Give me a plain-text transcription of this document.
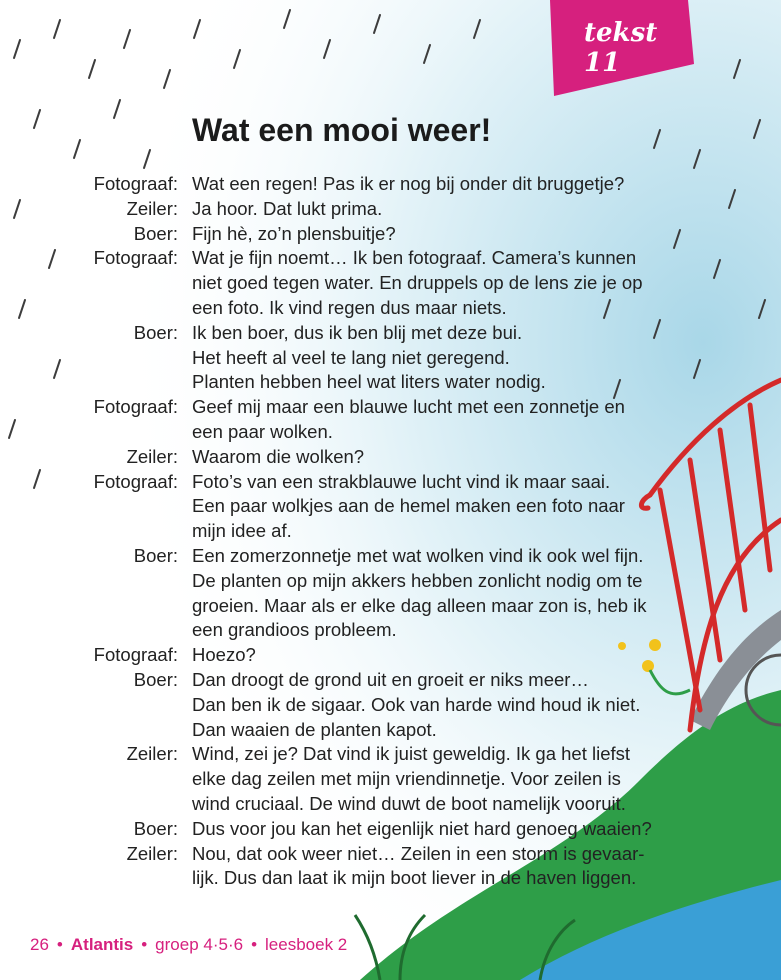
tekst 11
Wat een mooi weer!
Fotograaf: Wat een regen! Pas ik er nog bij onder dit bruggetje?
Zeiler: Ja hoor. Dat lukt prima.
Boer: Fijn hè, zo’n plensbuitje?
Fotograaf: Wat je fijn noemt… Ik ben fotograaf. Camera’s kunnen
niet goed tegen water. En druppels op de lens zie je op
een foto. Ik vind regen dus maar niets.
Boer: Ik ben boer, dus ik ben blij met deze bui.
Het heeft al veel te lang niet geregend.
Planten hebben heel wat liters water nodig.
Fotograaf: Geef mij maar een blauwe lucht met een zonnetje en
een paar wolken.
Zeiler: Waarom die wolken?
Fotograaf: Foto’s van een strakblauwe lucht vind ik maar saai.
Een paar wolkjes aan de hemel maken een foto naar
mijn idee af.
Boer: Een zomerzonnetje met wat wolken vind ik ook wel fijn.
De planten op mijn akkers hebben zonlicht nodig om te
groeien. Maar als er elke dag alleen maar zon is, heb ik
een grandioos probleem.
Fotograaf: Hoezo?
Boer: Dan droogt de grond uit en groeit er niks meer…
Dan ben ik de sigaar. Ook van harde wind houd ik niet.
Dan waaien de planten kapot.
Zeiler: Wind, zei je? Dat vind ik juist geweldig. Ik ga het liefst
elke dag zeilen met mijn vriendinnetje. Voor zeilen is
wind cruciaal. De wind duwt de boot namelijk vooruit.
Boer: Dus voor jou kan het eigenlijk niet hard genoeg waaien?
Zeiler: Nou, dat ook weer niet… Zeilen in een storm is gevaar-
lijk. Dus dan laat ik mijn boot liever in de haven liggen.
26 • Atlantis • groep 4·5·6 • leesboek 2
